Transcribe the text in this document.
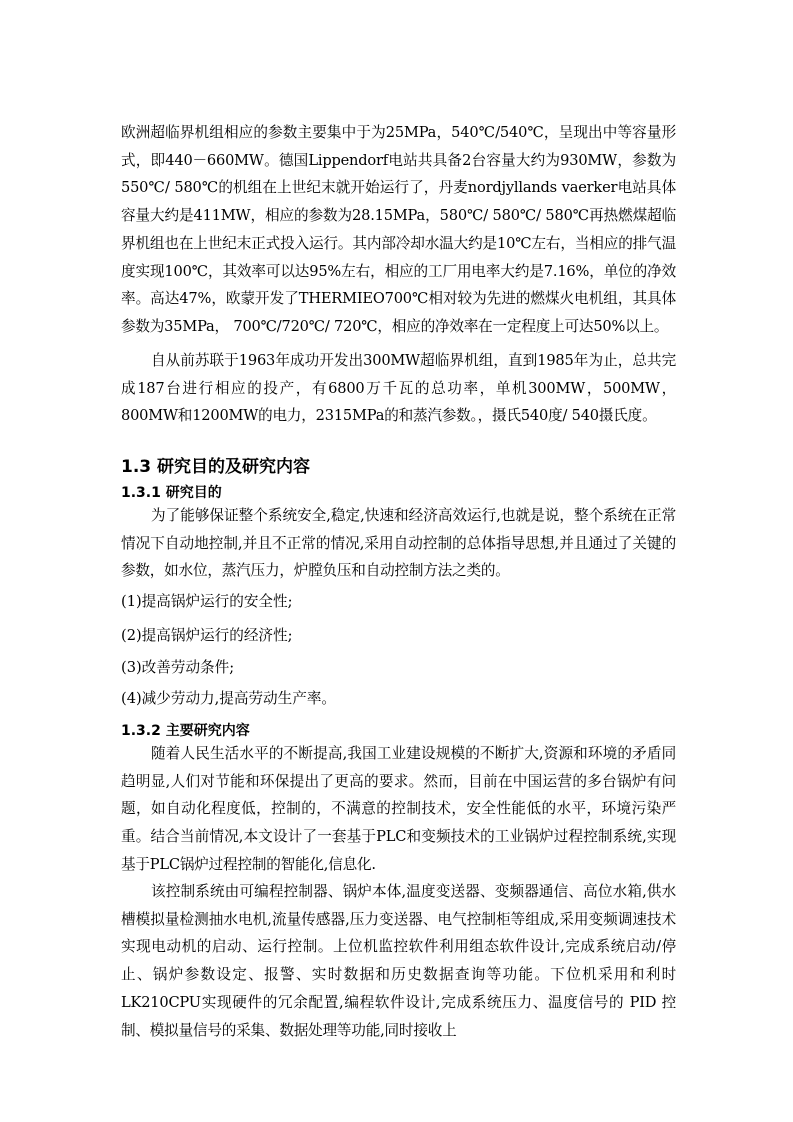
欧洲超临界机组相应的参数主要集中于为25MPa，540℃/540℃，呈现出中等容量形式，即440－660MW。德国Lippendorf电站共具备2台容量大约为930MW，参数为550℃/ 580℃的机组在上世纪末就开始运行了，丹麦nordjyllands vaerker电站具体容量大约是411MW，相应的参数为28.15MPa，580℃/ 580℃/ 580℃再热燃煤超临界机组也在上世纪末正式投入运行。其内部冷却水温大约是10℃左右，当相应的排气温度实现100℃，其效率可以达95%左右，相应的工厂用电率大约是7.16%，单位的净效率。高达47%，欧蒙开发了THERMIEO700℃相对较为先进的燃煤火电机组，其具体参数为35MPa， 700℃/720℃/ 720℃，相应的净效率在一定程度上可达50%以上。

自从前苏联于1963年成功开发出300MW超临界机组，直到1985年为止，总共完成187台进行相应的投产，有6800万千瓦的总功率，单机300MW，500MW，800MW和1200MW的电力，2315MPa的和蒸汽参数。，摄氏540度/ 540摄氏度。

1.3 研究目的及研究内容
1.3.1 研究目的

为了能够保证整个系统安全,稳定,快速和经济高效运行,也就是说，整个系统在正常情况下自动地控制,并且不正常的情况,采用自动控制的总体指导思想,并且通过了关键的参数，如水位，蒸汽压力，炉膛负压和自动控制方法之类的。

(1)提高锅炉运行的安全性;

(2)提高锅炉运行的经济性;

(3)改善劳动条件;

(4)减少劳动力,提高劳动生产率。

1.3.2 主要研究内容

随着人民生活水平的不断提高,我国工业建设规模的不断扩大,资源和环境的矛盾同趋明显,人们对节能和环保提出了更高的要求。然而，目前在中国运营的多台锅炉有问题，如自动化程度低，控制的，不满意的控制技术，安全性能低的水平，环境污染严重。结合当前情况,本文设计了一套基于PLC和变频技术的工业锅炉过程控制系统,实现基于PLC锅炉过程控制的智能化,信息化.

该控制系统由可编程控制器、锅炉本体,温度变送器、变频器通信、高位水箱,供水槽模拟量检测抽水电机,流量传感器,压力变送器、电气控制柜等组成,采用变频调速技术实现电动机的启动、运行控制。上位机监控软件利用组态软件设计,完成系统启动/停止、锅炉参数设定、报警、实时数据和历史数据查询等功能。下位机采用和利时LK210CPU实现硬件的冗余配置,编程软件设计,完成系统压力、温度信号的 PID 控制、模拟量信号的采集、数据处理等功能,同时接收上
